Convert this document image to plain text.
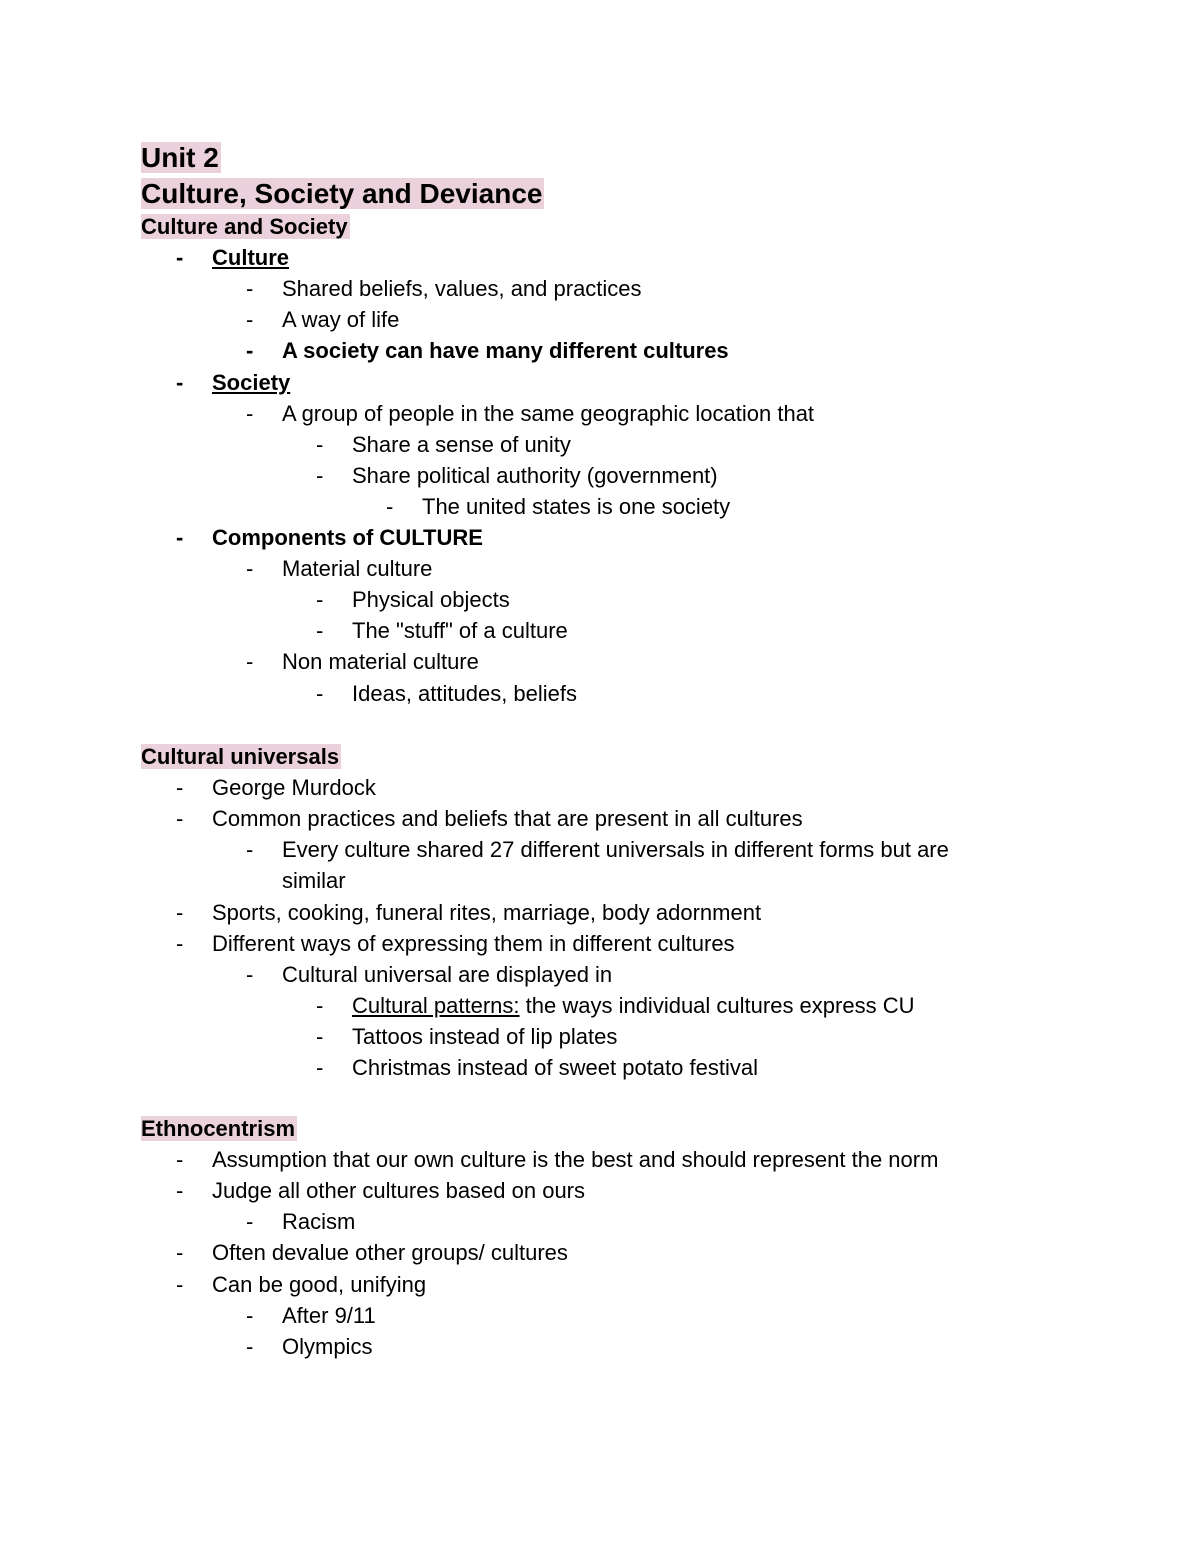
Unit 2
Culture, Society and Deviance
Culture and Society
- Culture
- Shared beliefs, values, and practices
- A way of life
- A society can have many different cultures
- Society
- A group of people in the same geographic location that
- Share a sense of unity
- Share political authority (government)
- The united states is one society
- Components of CULTURE
- Material culture
- Physical objects
- The "stuff" of a culture
- Non material culture
- Ideas, attitudes, beliefs
Cultural universals
- George Murdock
- Common practices and beliefs that are present in all cultures
- Every culture shared 27 different universals in different forms but are
similar
- Sports, cooking, funeral rites, marriage, body adornment
- Different ways of expressing them in different cultures
- Cultural universal are displayed in
- Cultural patterns: the ways individual cultures express CU
- Tattoos instead of lip plates
- Christmas instead of sweet potato festival
Ethnocentrism
- Assumption that our own culture is the best and should represent the norm
- Judge all other cultures based on ours
- Racism
- Often devalue other groups/ cultures
- Can be good, unifying
- After 9/11
- Olympics
